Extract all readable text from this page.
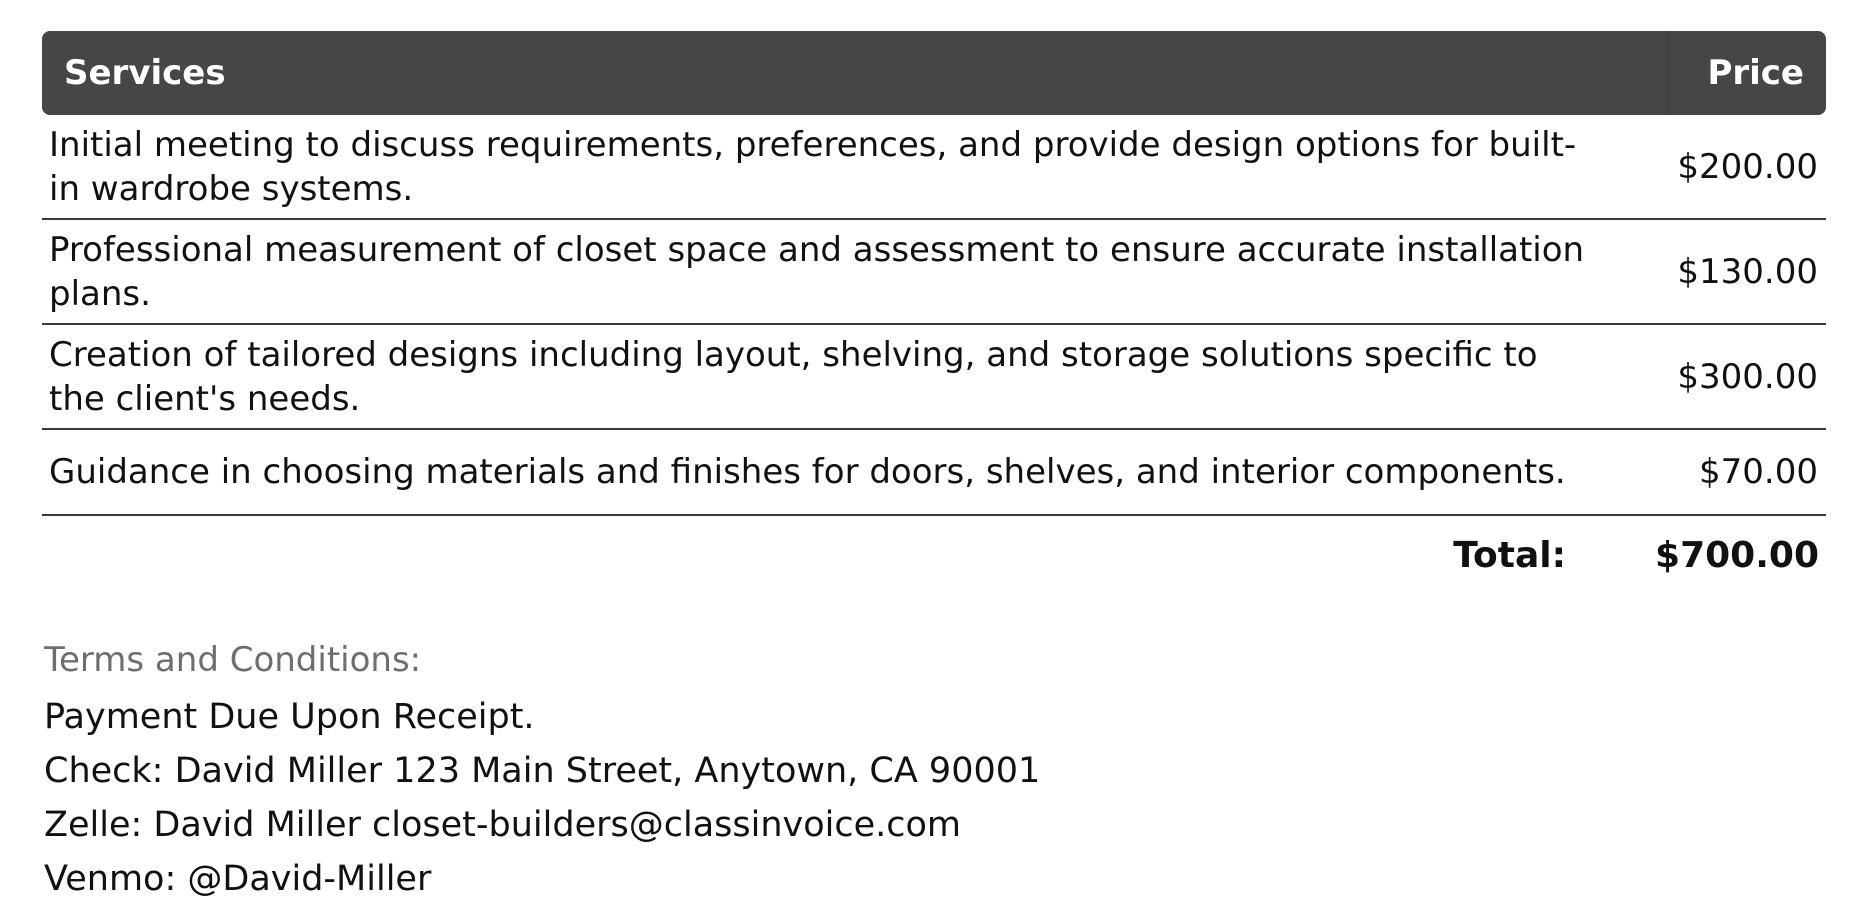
Services	Price
Initial meeting to discuss requirements, preferences, and provide design options for built-in wardrobe systems.	$200.00
Professional measurement of closet space and assessment to ensure accurate installation plans.	$130.00
Creation of tailored designs including layout, shelving, and storage solutions specific to the client's needs.	$300.00
Guidance in choosing materials and finishes for doors, shelves, and interior components.	$70.00
Total: $700.00
Terms and Conditions:
Payment Due Upon Receipt.
Check: David Miller 123 Main Street, Anytown, CA 90001
Zelle: David Miller closet-builders@classinvoice.com
Venmo: @David-Miller
